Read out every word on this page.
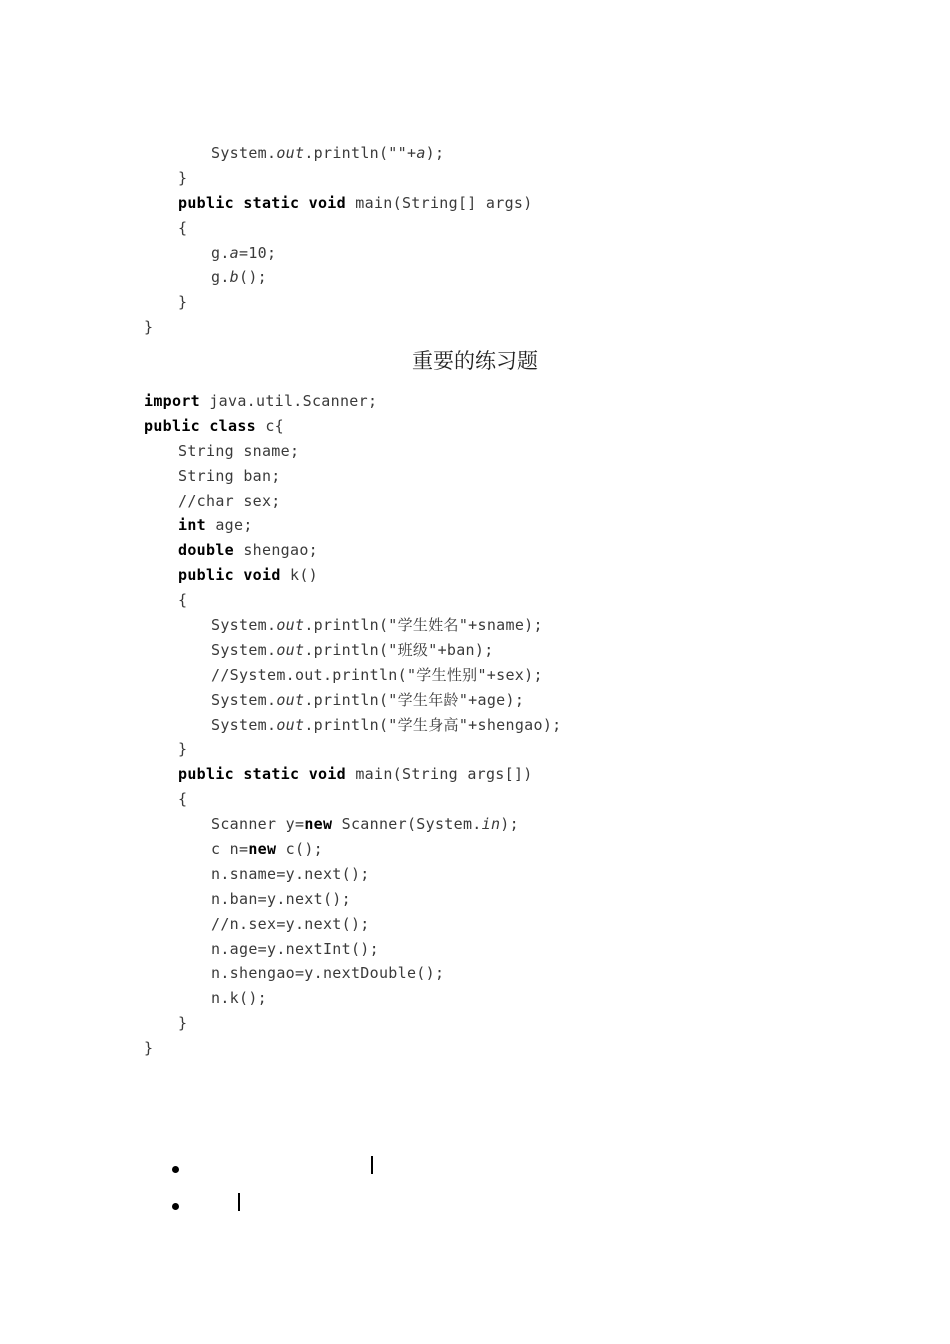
System.out.println(""+a);
}
public static void main(String[] args)
{
g.a=10;
g.b();
}
}
重要的练习题
import java.util.Scanner;
public class c{
String sname;
String ban;
//char sex;
int age;
double shengao;
public void k()
{
System.out.println("学生姓名"+sname);
System.out.println("班级"+ban);
//System.out.println("学生性别"+sex);
System.out.println("学生年龄"+age);
System.out.println("学生身高"+shengao);
}
public static void main(String args[])
{
Scanner y=new Scanner(System.in);
c n=new c();
n.sname=y.next();
n.ban=y.next();
//n.sex=y.next();
n.age=y.nextInt();
n.shengao=y.nextDouble();
n.k();
}
}
